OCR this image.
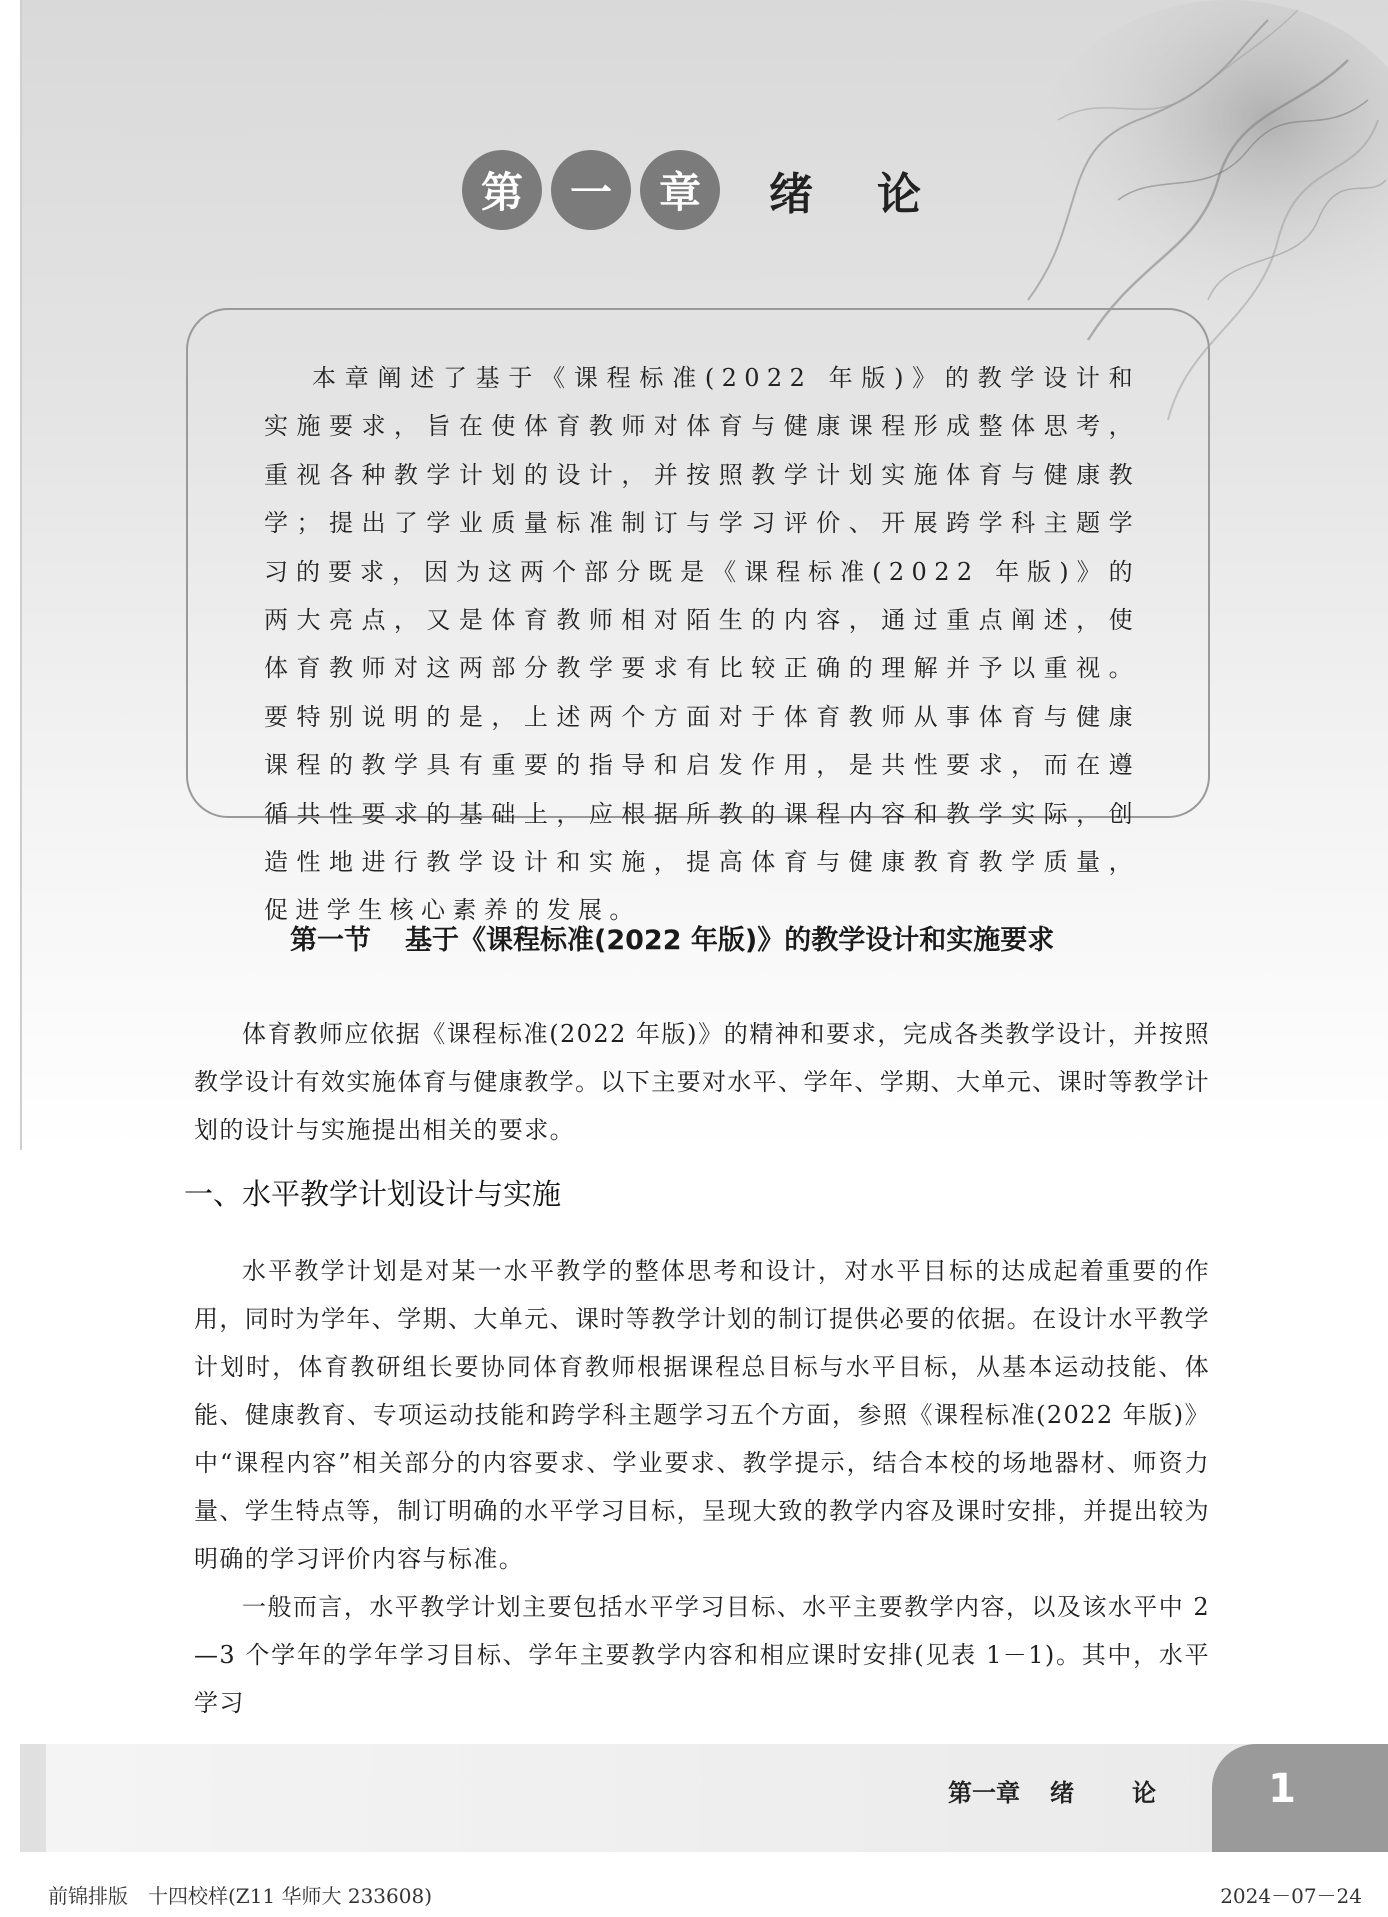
第	一	章	绪 论

本章阐述了基于《课程标准(2022 年版)》的教学设计和实施要求，旨在使体育教师对体育与健康课程形成整体思考，重视各种教学计划的设计，并按照教学计划实施体育与健康教学；提出了学业质量标准制订与学习评价、开展跨学科主题学习的要求，因为这两个部分既是《课程标准(2022 年版)》的两大亮点，又是体育教师相对陌生的内容，通过重点阐述，使体育教师对这两部分教学要求有比较正确的理解并予以重视。要特别说明的是，上述两个方面对于体育教师从事体育与健康课程的教学具有重要的指导和启发作用，是共性要求，而在遵循共性要求的基础上，应根据所教的课程内容和教学实际，创造性地进行教学设计和实施，提高体育与健康教育教学质量，促进学生核心素养的发展。

第一节 基于《课程标准(2022 年版)》的教学设计和实施要求

体育教师应依据《课程标准(2022 年版)》的精神和要求，完成各类教学设计，并按照教学设计有效实施体育与健康教学。以下主要对水平、学年、学期、大单元、课时等教学计划的设计与实施提出相关的要求。

一、水平教学计划设计与实施

水平教学计划是对某一水平教学的整体思考和设计，对水平目标的达成起着重要的作用，同时为学年、学期、大单元、课时等教学计划的制订提供必要的依据。在设计水平教学计划时，体育教研组长要协同体育教师根据课程总目标与水平目标，从基本运动技能、体能、健康教育、专项运动技能和跨学科主题学习五个方面，参照《课程标准(2022 年版)》中“课程内容”相关部分的内容要求、学业要求、教学提示，结合本校的场地器材、师资力量、学生特点等，制订明确的水平学习目标，呈现大致的教学内容及课时安排，并提出较为明确的学习评价内容与标准。

一般而言，水平教学计划主要包括水平学习目标、水平主要教学内容，以及该水平中 2—3 个学年的学年学习目标、学年主要教学内容和相应课时安排(见表 1－1)。其中，水平学习

第一章 绪 论	1
前锦排版　十四校样(Z11 华师大 233608)	2024－07－24
